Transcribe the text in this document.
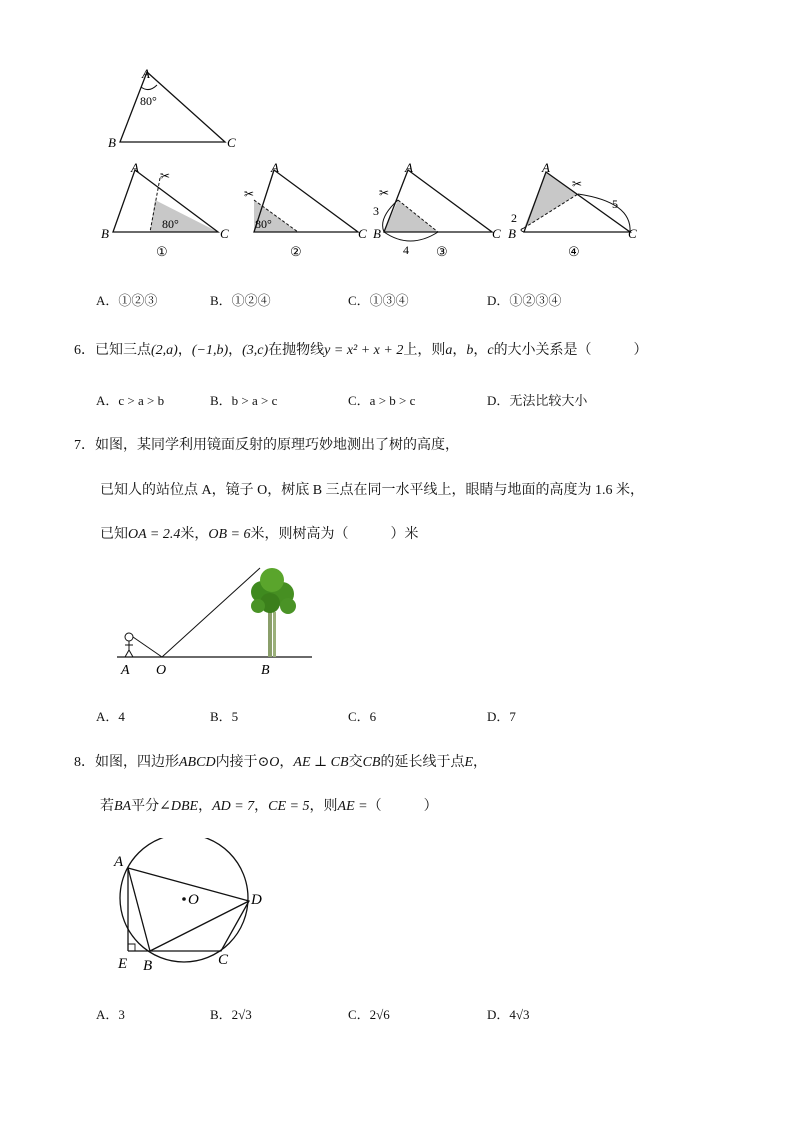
A
80°
B	C
✂
A
80°
B	C
①
✂
A
80°
C
②
✂
A
3
4
B	C
③
✂
A
2
5
B	C
④
A．①②③	B．①②④	C．①③④	D．①②③④
6．已知三点(2,a)，(−1,b)，(3,c)在抛物线y = x² + x + 2上，则a，b，c的大小关系是（　　　）
A．c > a > b	B．b > a > c	C．a > b > c	D．无法比较大小
7．如图，某同学利用镜面反射的原理巧妙地测出了树的高度，
已知人的站位点 A，镜子 O，树底 B 三点在同一水平线上，眼睛与地面的高度为 1.6 米，
已知OA = 2.4米，OB = 6米，则树高为（　　　）米
A O	B
A．4	B．5	C．6	D．7
8．如图，四边形ABCD内接于⊙O，AE ⊥ CB交CB的延长线于点E，
若BA平分∠DBE，AD = 7，CE = 5，则AE =（　　　）
A
O	D
E B	C
A．3	B．2√3	C．2√6	D．4√3
